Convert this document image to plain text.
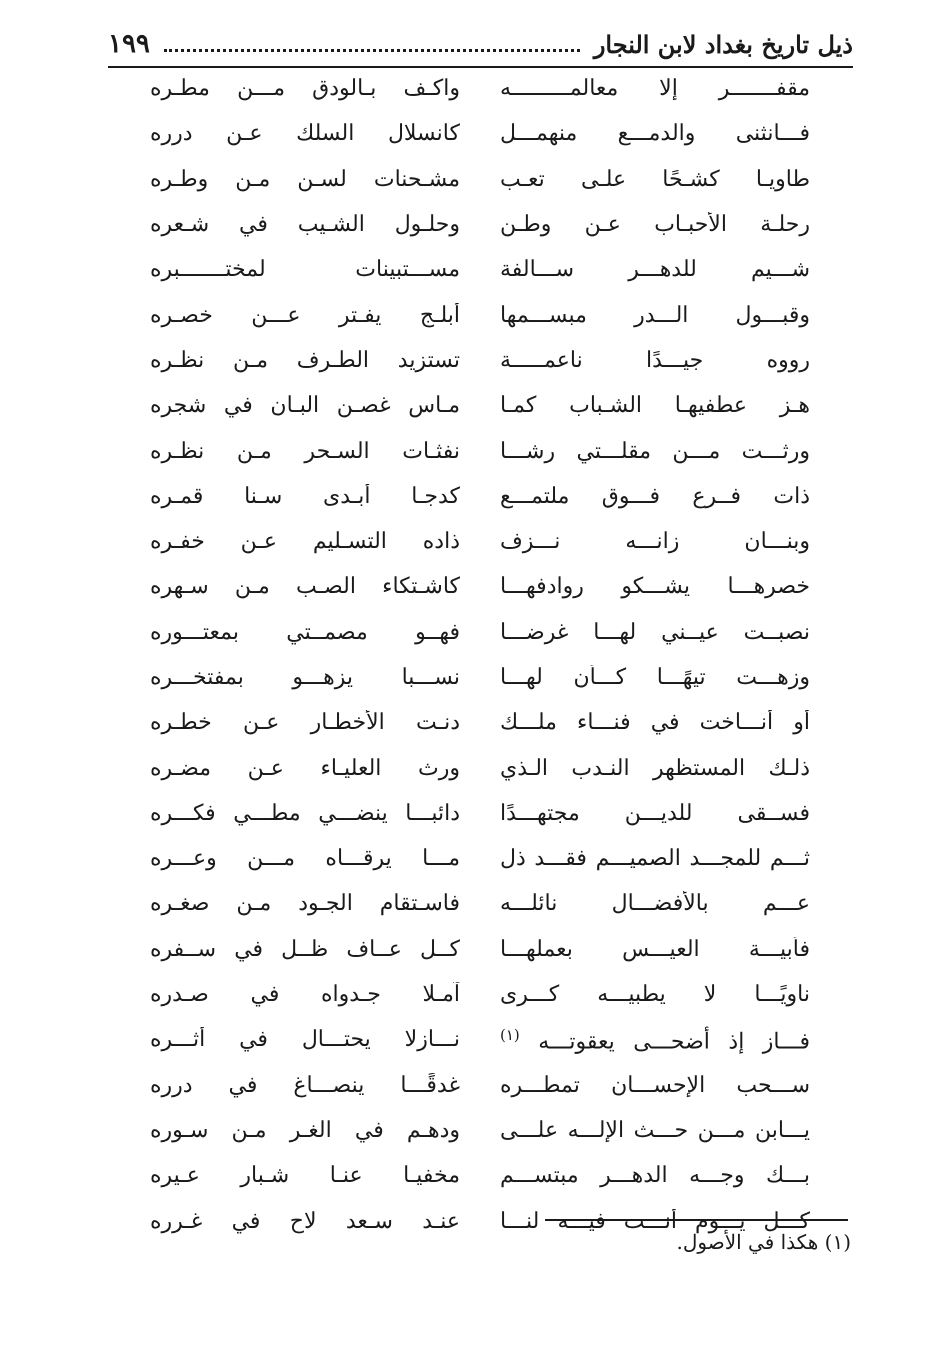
ذيل تاريخ بغداد لابن النجار
١٩٩
مقفـــــــر إلا معالمـــــــــه
واكـف بـالودق مـــن مطـره
فـــانثنى والدمـــع منهمـــل
كانسلال السلك عـن درره
طاويـا كشـحًا علـى تعـب
مشـحنات لسـن مـن وطـره
رحلـة الأحبـاب عـن وطـن
وحلـول الشـيب في شـعره
شـــيم للدهـــر ســـالفة
مســـتبينات لمختـــــــبره
وقبـــول الـــدر مبســـمها
أبلـج يفـتر عـــن خصـره
رووه جيـــدًا ناعمـــــة
تستزيد الطـرف مـن نظـره
هـز عطفيهـا الشـباب كمـا
مـاس غصـن البـان في شجره
ورثـــت مـــن مقلـــتي رشـــا
نفثـات السـحر مـن نظـره
ذات فــرع فـــوق ملتمـــع
كدجـا أبـدى سـنا قمـره
وبنـــان زانـــه نـــزف
ذاده التسـليم عـن خفـره
خصرهـــا يشـــكو روادفهـــا
كاشـتكاء الصـب مـن سـهره
نصبــت عيــني لهـــا غرضـــا
فهــو مصمــتي بمعتـــوره
وزهـــت تيهًـــا كـــأن لهـــا
نســـبا يزهـــو بمفتخـــره
أو أنـــاخت في فنـــاء ملـــك
دنـت الأخطـار عـن خطـره
ذلـك المستظهر النـدب الـذي
ورث العليـاء عـن مضـره
فســقى للديـــن مجتهـــدًا
دائبـــا ينضـــي مطـــي فكـــره
ثـــم للمجـــد الصميـــم فقـــد ذل
مـــا يرقـــاه مـــن وعـــره
عـــم بالأفضـــال نائلـــه
فاسـتقام الجـود مـن صغـره
فأبيـــة العيـــس بعملهـــا
كــل عــاف ظــل في ســفره
ناويًـــا لا يطبيـــه كـــرى
آمـلا جـدواه في صـدره
فـــاز إذ أضحـــى يعقوتـــه $^{(١)}$
نـــازلا يحتـــال في أثـــره
ســـحب الإحســـان تمطـــره
غدقًـــا ينصـــاغ في درره
يـــابن مـــن حـــث الإلـــه علـــى
ودهـم في الغـر مـن سـوره
بـــك وجـــه الدهـــر مبتســـم
مخفيـا عنـا شـبار عـيره
كـــل يـــوم أنـــت فيـــه لنـــا
عنـد سـعد لاح في غـرره
(١) هكذا في الأصول.
